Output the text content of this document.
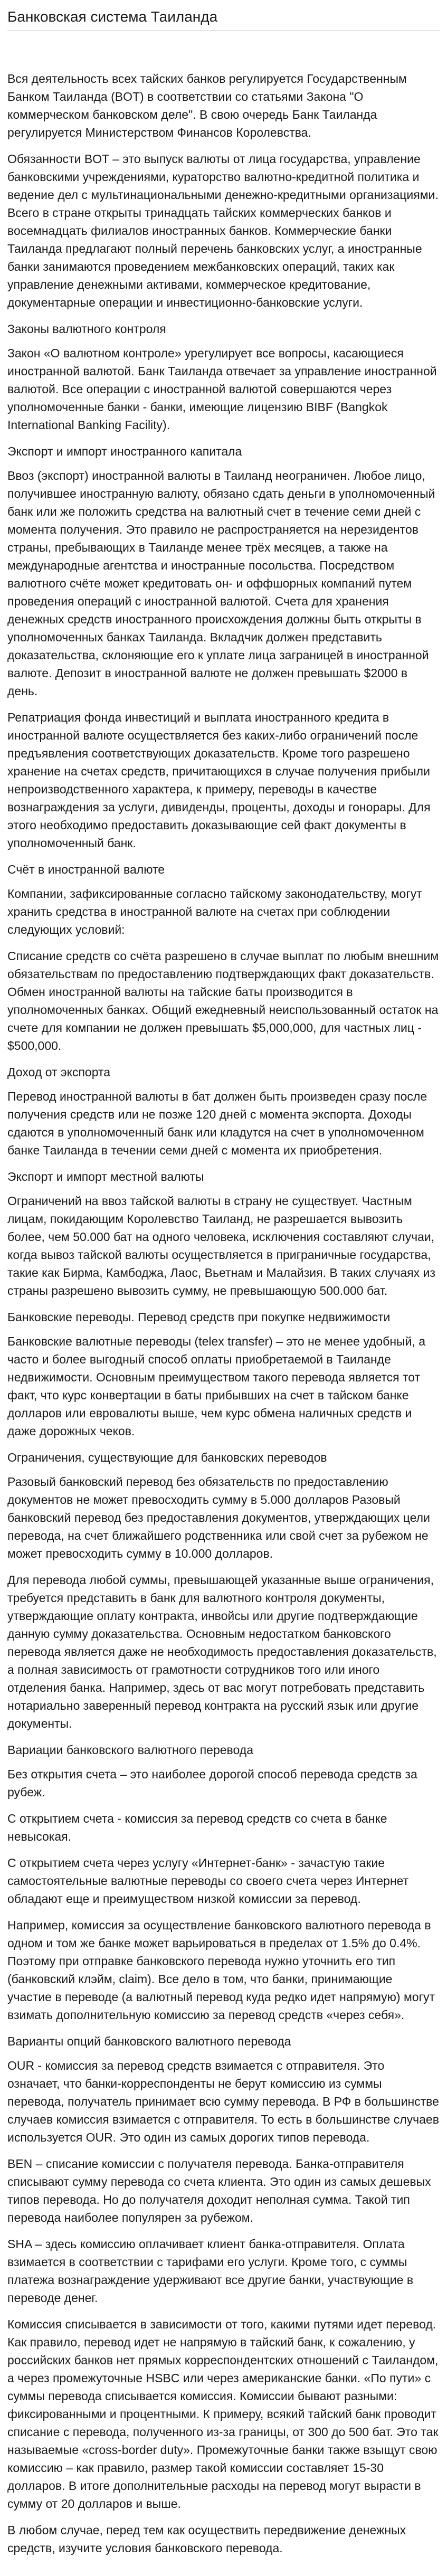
Банковская система Таиланда

Вся деятельность всех тайских банков регулируется Государственным Банком Таиланда (BOT) в соответствии со статьями Закона "О коммерческом банковском деле". В свою очередь Банк Таиланда регулируется Министерством Финансов Королевства.

Обязанности BOT – это выпуск валюты от лица государства, управление банковскими учреждениями, кураторство валютно-кредитной политика и ведение дел с мультинациональными денежно-кредитными организациями. Всего в стране открыты тринадцать тайских коммерческих банков и восемнадцать филиалов иностранных банков. Коммерческие банки Таиланда предлагают полный перечень банковских услуг, а иностранные банки занимаются проведением межбанковских операций, таких как управление денежными активами, коммерческое кредитование, документарные операции и инвестиционно-банковские услуги.

Законы валютного контроля

Закон «О валютном контроле» урегулирует все вопросы, касающиеся иностранной валютой. Банк Таиланда отвечает за управление иностранной валютой. Все операции с иностранной валютой совершаются через уполномоченные банки - банки, имеющие лицензию BIBF (Bangkok International Banking Facility).

Экспорт и импорт иностранного капитала

Ввоз (экспорт) иностранной валюты в Таиланд неограничен. Любое лицо, получившее иностранную валюту, обязано сдать деньги в уполномоченный банк или же положить средства на валютный счет в течение семи дней с момента получения. Это правило не распространяется на нерезидентов страны, пребывающих в Таиланде менее трёх месяцев, а также на международные агентства и иностранные посольства. Посредством валютного счёте может кредитовать он- и оффшорных компаний путем проведения операций с иностранной валютой. Счета для хранения денежных средств иностранного происхождения должны быть открыты в уполномоченных банках Таиланда. Вкладчик должен представить доказательства, склоняющие его к уплате лица заграницей в иностранной валюте. Депозит в иностранной валюте не должен превышать $2000 в день.

Репатриация фонда инвестиций и выплата иностранного кредита в иностранной валюте осуществляется без каких-либо ограничений после предъявления соответствующих доказательств. Кроме того разрешено хранение на счетах средств, причитающихся в случае получения прибыли непроизводственного характера, к примеру, переводы в качестве вознаграждения за услуги, дивиденды, проценты, доходы и гонорары. Для этого необходимо предоставить доказывающие сей факт документы в уполномоченный банк.

Счёт в иностранной валюте

Компании, зафиксированные согласно тайскому законодательству, могут хранить средства в иностранной валюте на счетах при соблюдении следующих условий:

Списание средств со счёта разрешено в случае выплат по любым внешним обязательствам по предоставлению подтверждающих факт доказательств. Обмен иностранной валюты на тайские баты производится в уполномоченных банках. Общий ежедневный неиспользованный остаток на счете для компании не должен превышать $5,000,000, для частных лиц - $500,000.

Доход от экспорта

Перевод иностранной валюты в бат должен быть произведен сразу после получения средств или не позже 120 дней с момента экспорта. Доходы сдаются в уполномоченный банк или кладутся на счет в уполномоченном банке Таиланда в течении семи дней с момента их приобретения.

Экспорт и импорт местной валюты

Ограничений на ввоз тайской валюты в страну не существует. Частным лицам, покидающим Королевство Таиланд, не разрешается вывозить более, чем 50.000 бат на одного человека, исключения составляют случаи, когда вывоз тайской валюты осуществляется в приграничные государства, такие как Бирма, Камбоджа, Лаос, Вьетнам и Малайзия. В таких случаях из страны разрешено вывозить сумму, не превышающую 500.000 бат.

Банковские переводы. Перевод средств при покупке недвижимости

Банковские валютные переводы (telex transfer) – это не менее удобный, а часто и более выгодный способ оплаты приобретаемой в Таиланде недвижимости. Основным преимуществом такого перевода является тот факт, что курс конвертации в баты прибывших на счет в тайском банке долларов или евровалюты выше, чем курс обмена наличных средств и даже дорожных чеков.

Ограничения, существующие для банковских переводов

Разовый банковский перевод без обязательств по предоставлению документов не может превосходить сумму в 5.000 долларов Разовый банковский перевод без предоставления документов, утверждающих цели перевода, на счет ближайшего родственника или свой счет за рубежом не может превосходить сумму в 10.000 долларов.

Для перевода любой суммы, превышающей указанные выше ограничения, требуется представить в банк для валютного контроля документы, утверждающие оплату контракта, инвойсы или другие подтверждающие данную сумму доказательства. Основным недостатком банковского перевода является даже не необходимость предоставления доказательств, а полная зависимость от грамотности сотрудников того или иного отделения банка. Например, здесь от вас могут потребовать представить нотариально заверенный перевод контракта на русский язык или другие документы.

Вариации банковского валютного перевода

Без открытия счета – это наиболее дорогой способ перевода средств за рубеж.

С открытием счета - комиссия за перевод средств со счета в банке невысокая.

С открытием счета через услугу «Интернет-банк» - зачастую такие самостоятельные валютные переводы со своего счета через Интернет обладают еще и преимуществом низкой комиссии за перевод.

Например, комиссия за осуществление банковского валютного перевода в одном и том же банке может варьироваться в пределах от 1.5% до 0.4%. Поэтому при отправке банковского перевода нужно уточнить его тип (банковский клэйм, claim). Все дело в том, что банки, принимающие участие в переводе (а валютный перевод куда редко идет напрямую) могут взимать дополнительную комиссию за перевод средств «через себя».

Варианты опций банковского валютного перевода

OUR - комиссия за перевод средств взимается с отправителя. Это означает, что банки-корреспонденты не берут комиссию из суммы перевода, получатель принимает всю сумму перевода. В РФ в большинстве случаев комиссия взимается с отправителя. То есть в большинстве случаев используется OUR. Это один из самых дорогих типов перевода.

BEN – списание комиссии с получателя перевода. Банка-отправителя списывают сумму перевода со счета клиента. Это один из самых дешевых типов перевода. Но до получателя доходит неполная сумма. Такой тип перевода наиболее популярен за рубежом.

SHA – здесь комиссию оплачивает клиент банка-отправителя. Оплата взимается в соответствии с тарифами его услуги. Кроме того, с суммы платежа вознаграждение удерживают все другие банки, участвующие в переводе денег.

Комиссия списывается в зависимости от того, какими путями идет перевод. Как правило, перевод идет не напрямую в тайский банк, к сожалению, у российских банков нет прямых корреспондентских отношений с Таиландом, а через промежуточные HSBC или через американские банки. «По пути» с суммы перевода списывается комиссия. Комиссии бывают разными: фиксированными и процентными. К примеру, всякий тайский банк проводит списание с перевода, полученного из-за границы, от 300 до 500 бат. Это так называемые «cross-border duty». Промежуточные банки также взыщут свою комиссию – как правило, размер такой комиссии составляет 15-30 долларов. В итоге дополнительные расходы на перевод могут вырасти в сумму от 20 долларов и выше.

В любом случае, перед тем как осуществить передвижение денежных средств, изучите условия банковского перевода.
